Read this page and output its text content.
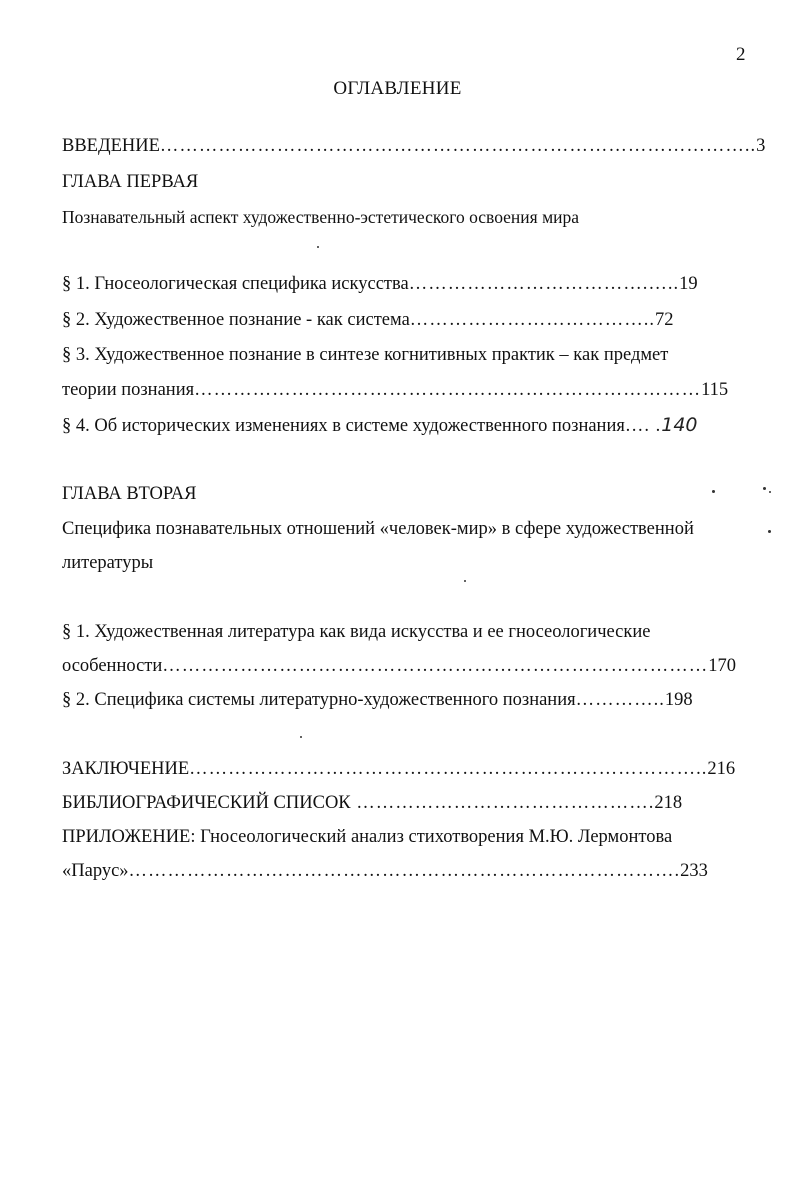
2
ОГЛАВЛЕНИЕ
ВВЕДЕНИЕ………………………………………………………………………………..3
ГЛАВА ПЕРВАЯ
Познавательный аспект художественно-эстетического освоения мира
§ 1. Гносеологическая специфика искусства……………………………….…..19
§ 2. Художественное познание - как система………………………………..72
§ 3. Художественное познание в синтезе когнитивных практик – как предмет
теории познания……………………………………………………………………115
§ 4. Об исторических изменениях в системе художественного познания…. .140
ГЛАВА ВТОРАЯ
Специфика познавательных отношений «человек-мир» в сфере художественной
литературы
§ 1. Художественная литература как вида искусства и ее гносеологические
особенности…………………………………………………………………………170
§ 2. Специфика системы литературно-художественного познания…………..198
ЗАКЛЮЧЕНИЕ……………………………………………………………………..216
БИБЛИОГРАФИЧЕСКИЙ СПИСОК ……………………………………….218
ПРИЛОЖЕНИЕ: Гносеологический анализ стихотворения М.Ю. Лермонтова
«Парус»………………………………………………………………………….233
